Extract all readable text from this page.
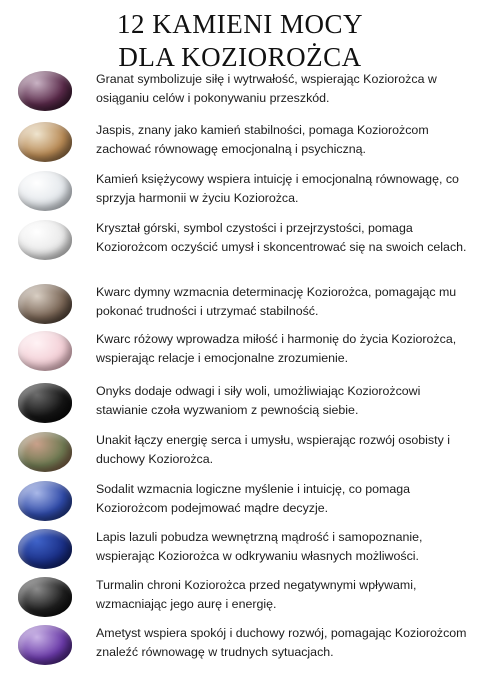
12 KAMIENI MOCY
DLA KOZIOROŻCA
Granat symbolizuje siłę i wytrwałość, wspierając Koziorożca w osiąganiu celów i pokonywaniu przeszkód.
Jaspis, znany jako kamień stabilności, pomaga Koziorożcom zachować równowagę emocjonalną i psychiczną.
Kamień księżycowy wspiera intuicję i emocjonalną równowagę, co sprzyja harmonii w życiu Koziorożca.
Kryształ górski, symbol czystości i przejrzystości, pomaga Koziorożcom oczyścić umysł i skoncentrować się na swoich celach.
Kwarc dymny wzmacnia determinację Koziorożca, pomagając mu pokonać trudności i utrzymać stabilność.
Kwarc różowy wprowadza miłość i harmonię do życia Koziorożca, wspierając relacje i emocjonalne zrozumienie.
Onyks dodaje odwagi i siły woli, umożliwiając Koziorożcowi stawianie czoła wyzwaniom z pewnością siebie.
Unakit łączy energię serca i umysłu, wspierając rozwój osobisty i duchowy Koziorożca.
Sodalit wzmacnia logiczne myślenie i intuicję, co pomaga Koziorożcom podejmować mądre decyzje.
Lapis lazuli pobudza wewnętrzną mądrość i samopoznanie, wspierając Koziorożca w odkrywaniu własnych możliwości.
Turmalin chroni Koziorożca przed negatywnymi wpływami, wzmacniając jego aurę i energię.
Ametyst wspiera spokój i duchowy rozwój, pomagając Koziorożcom znaleźć równowagę w trudnych sytuacjach.
